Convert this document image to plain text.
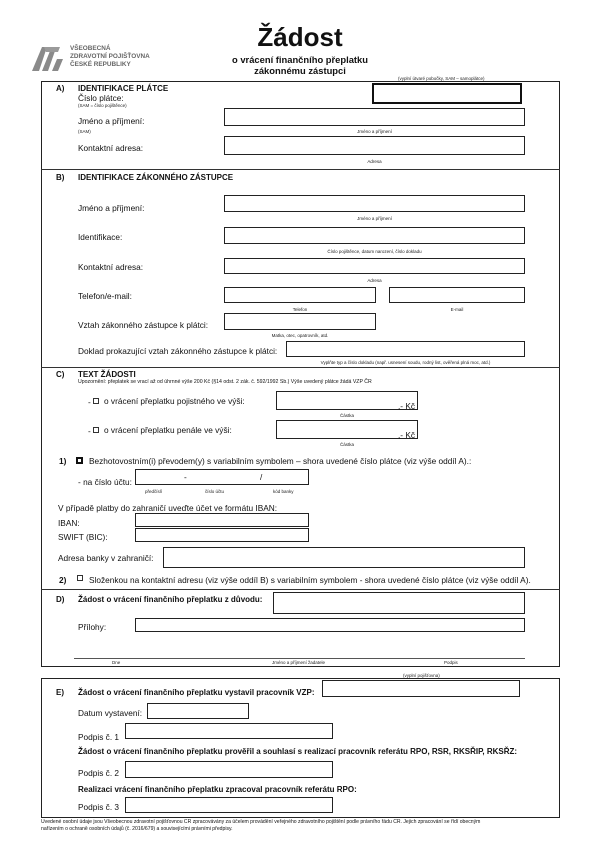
VŠEOBECNÁ
ZDRAVOTNÍ POJIŠŤOVNA
ČESKÉ REPUBLIKY
Žádost
o vrácení finančního přeplatku
zákonnému zástupci
(vyplní útvaré pobočky, SAM – samoplátce)
A) IDENTIFIKACE PLÁTCE
Číslo plátce:
(SAM = číslo pojištěnce)
Jméno a příjmení:
(SAM)	Jméno a příjmení
Kontaktní adresa:
Adresa
B) IDENTIFIKACE ZÁKONNÉHO ZÁSTUPCE
Jméno a příjmení:
Jméno a příjmení
Identifikace:
Číslo pojištěnce, datum narození, číslo dokladu
Kontaktní adresa:
Adresa
Telefon/e-mail:
Telefon	E-mail
Vztah zákonného zástupce k plátci:
Matka, otec, opatrovník, atd.
Doklad prokazující vztah zákonného zástupce k plátci:
Vyplňte typ a číslo dokladu (např. usnesení soudu, rodný list, ověřená plná moc, atd.)
C) TEXT ŽÁDOSTI
Upozornění: přeplatek se vrací až od úhrnné výše 200 Kč (§14 odst. 2 zák. č. 592/1992 Sb.) Výše uvedený plátce žádá VZP ČR
- o vrácení přeplatku pojistného ve výši:	,- Kč
Částka
- o vrácení přeplatku penále ve výši:	,- Kč
Částka
1)	Bezhotovostním(i) převodem(y) s variabilním symbolem – shora uvedené číslo plátce (viz výše oddíl A).:
- na číslo účtu:	-	/
předčíslí	číslo účtu	kód banky
V případě platby do zahraničí uveďte účet ve formátu IBAN:
IBAN:
SWIFT (BIC):
Adresa banky v zahraničí:
2)	Složenkou na kontaktní adresu (viz výše oddíl B) s variabilním symbolem - shora uvedené číslo plátce (viz výše oddíl A).
D) Žádost o vrácení finančního přeplatku z důvodu:
Přílohy:
Dne	Jméno a příjmení žadatele	Podpis
(vyplní pojišťovna)
E) Žádost o vrácení finančního přeplatku vystavil pracovník VZP:
Datum vystavení:
Podpis č. 1
Žádost o vrácení finančního přeplatku prověřil a souhlasí s realizací pracovník referátu RPO, RSR, RKSŘIP, RKSŘZ:
Podpis č. 2
Realizaci vrácení finančního přeplatku zpracoval pracovník referátu RPO:
Podpis č. 3
Uvedené osobní údaje jsou Všeobecnou zdravotní pojišťovnou ČR zpracovávány za účelem provádění veřejného zdravotního pojištění podle právního řádu ČR. Jejich zpracování se řídí obecným
nařízením o ochraně osobních údajů (č. 2016/679) a souvisejícími právními předpisy.
